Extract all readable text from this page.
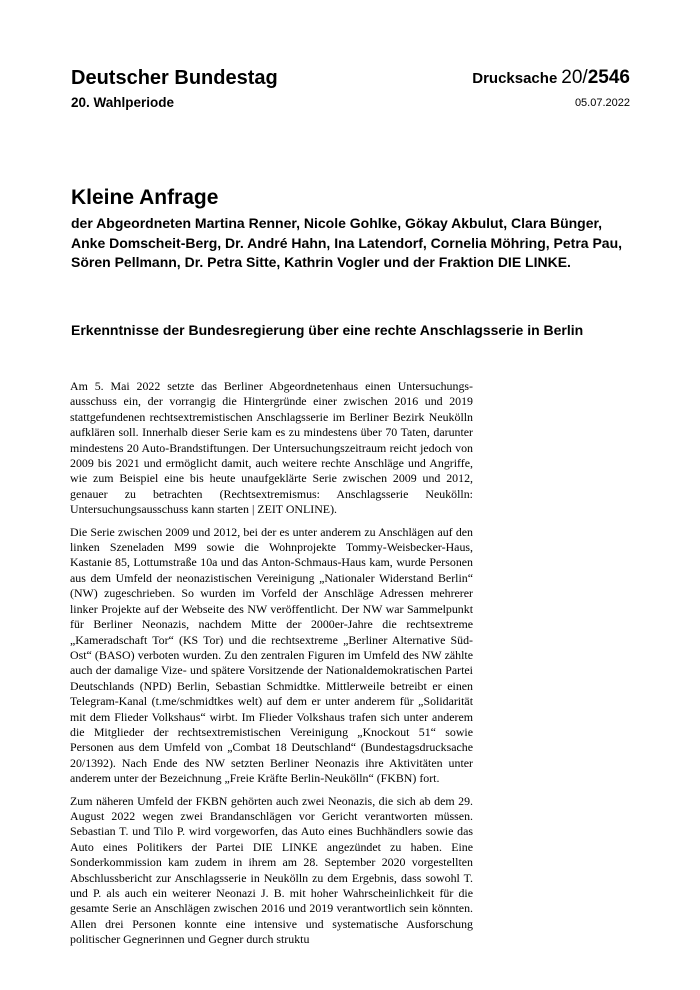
Deutscher Bundestag
20. Wahlperiode
Drucksache 20/2546
05.07.2022
Kleine Anfrage
der Abgeordneten Martina Renner, Nicole Gohlke, Gökay Akbulut, Clara Bünger, Anke Domscheit-Berg, Dr. André Hahn, Ina Latendorf, Cornelia Möhring, Petra Pau, Sören Pellmann, Dr. Petra Sitte, Kathrin Vogler und der Fraktion DIE LINKE.
Erkenntnisse der Bundesregierung über eine rechte Anschlagsserie in Berlin

Am 5. Mai 2022 setzte das Berliner Abgeordnetenhaus einen Untersuchungsausschuss ein, der vorrangig die Hintergründe einer zwischen 2016 und 2019 stattgefundenen rechtsextremistischen Anschlagsserie im Berliner Bezirk Neukölln aufklären soll. Innerhalb dieser Serie kam es zu mindestens über 70 Taten, darunter mindestens 20 Auto-Brandstiftungen. Der Untersuchungszeitraum reicht jedoch von 2009 bis 2021 und ermöglicht damit, auch weitere rechte Anschläge und Angriffe, wie zum Beispiel eine bis heute unaufgeklärte Serie zwischen 2009 und 2012, genauer zu betrachten (Rechtsextremismus: Anschlagsserie Neukölln: Untersuchungsausschuss kann starten | ZEIT ONLINE).

Die Serie zwischen 2009 und 2012, bei der es unter anderem zu Anschlägen auf den linken Szeneladen M99 sowie die Wohnprojekte Tommy-Weisbecker-Haus, Kastanie 85, Lottumstraße 10a und das Anton-Schmaus-Haus kam, wurde Personen aus dem Umfeld der neonazistischen Vereinigung „Nationaler Widerstand Berlin“ (NW) zugeschrieben. So wurden im Vorfeld der Anschläge Adressen mehrerer linker Projekte auf der Webseite des NW veröffentlicht. Der NW war Sammelpunkt für Berliner Neonazis, nachdem Mitte der 2000er-Jahre die rechtsextreme „Kameradschaft Tor“ (KS Tor) und die rechtsextreme „Berliner Alternative Süd-Ost“ (BASO) verboten wurden. Zu den zentralen Figuren im Umfeld des NW zählte auch der damalige Vize- und spätere Vorsitzende der Nationaldemokratischen Partei Deutschlands (NPD) Berlin, Sebastian Schmidtke. Mittlerweile betreibt er einen Telegram-Kanal (t.me/schmidtkes welt) auf dem er unter anderem für „Solidarität mit dem Flieder Volkshaus“ wirbt. Im Flieder Volkshaus trafen sich unter anderem die Mitglieder der rechtsextremistischen Vereinigung „Knockout 51“ sowie Personen aus dem Umfeld von „Combat 18 Deutschland“ (Bundestagsdrucksache 20/1392). Nach Ende des NW setzten Berliner Neonazis ihre Aktivitäten unter anderem unter der Bezeichnung „Freie Kräfte Berlin-Neukölln“ (FKBN) fort.

Zum näheren Umfeld der FKBN gehörten auch zwei Neonazis, die sich ab dem 29. August 2022 wegen zwei Brandanschlägen vor Gericht verantworten müssen. Sebastian T. und Tilo P. wird vorgeworfen, das Auto eines Buchhändlers sowie das Auto eines Politikers der Partei DIE LINKE angezündet zu haben. Eine Sonderkommission kam zudem in ihrem am 28. September 2020 vorgestellten Abschlussbericht zur Anschlagsserie in Neukölln zu dem Ergebnis, dass sowohl T. und P. als auch ein weiterer Neonazi J. B. mit hoher Wahrscheinlichkeit für die gesamte Serie an Anschlägen zwischen 2016 und 2019 verantwortlich sein könnten. Allen drei Personen konnte eine intensive und systematische Ausforschung politischer Gegnerinnen und Gegner durch struktu
